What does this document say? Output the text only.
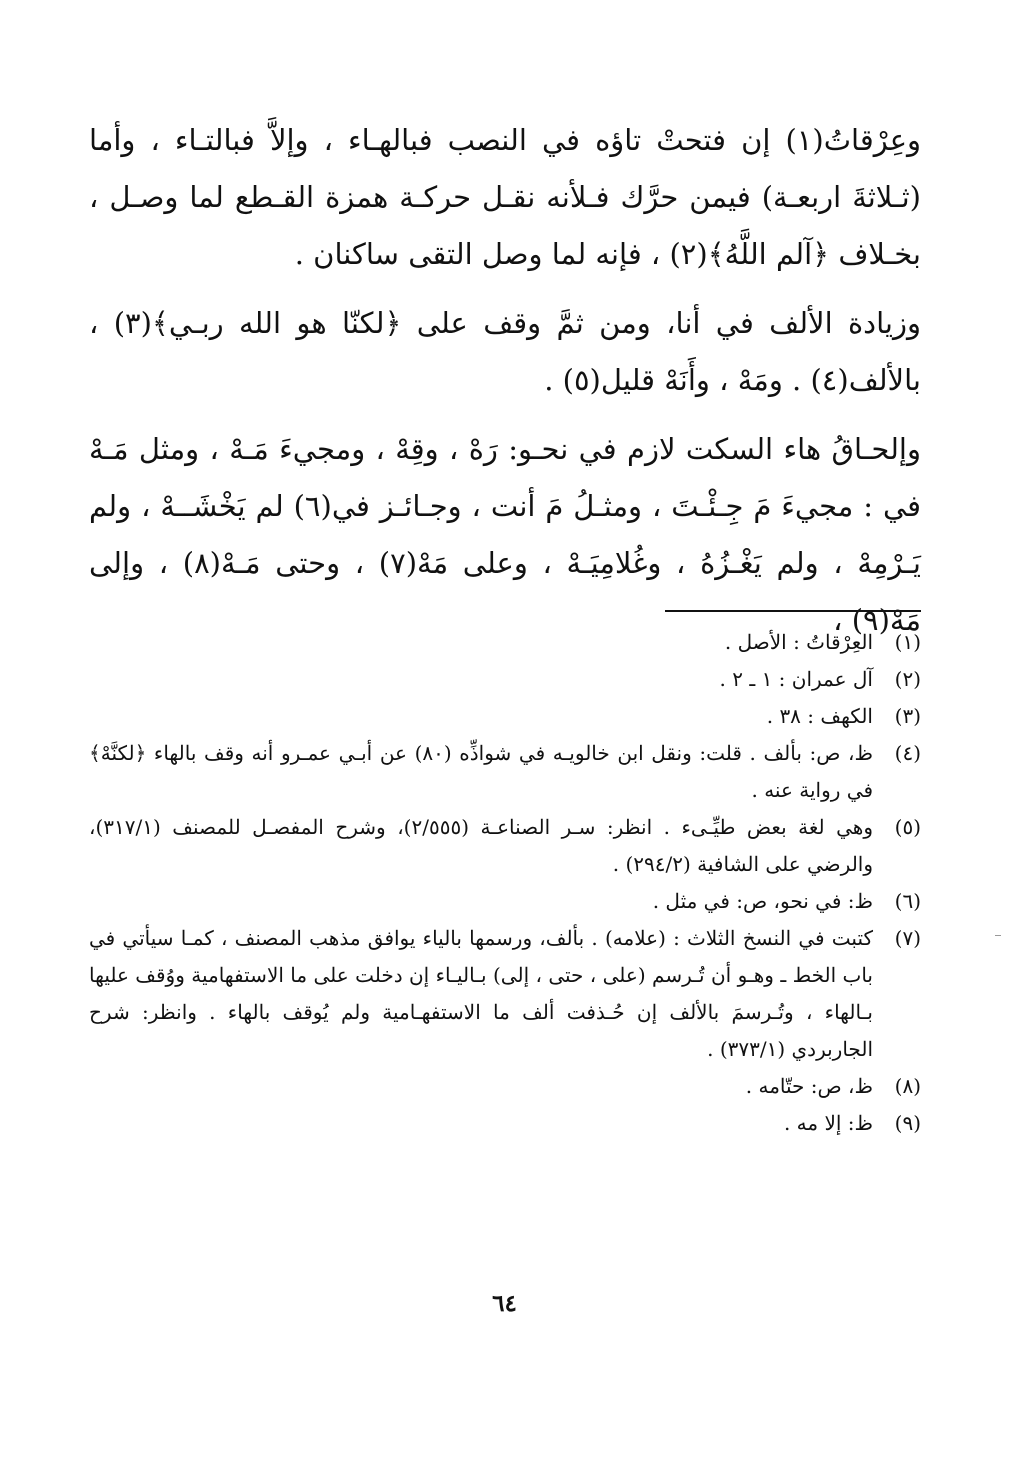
وعِرْقاتُ(١) إن فتحتْ تاؤه في النصب فبالهـاء ، وإلاَّ فبالتـاء ، وأما (ثـلاثةَ اربعـة) فيمن حرَّك فـلأنه نقـل حركـة همزة القـطع لما وصـل ، بخـلاف ﴿آلم اللَّهُ﴾(٢) ، فإنه لما وصل التقى ساكنان .

وزيادة الألف في أنا، ومن ثمَّ وقف على ﴿لكنّا هو الله ربـي﴾(٣) ، بالألف(٤) . ومَهْ ، وأَنَهْ قليل(٥) .

وإلحـاقُ هاء السكت لازم في نحـو: رَهْ ، وقِهْ ، ومجيءَ مَـهْ ، ومثل مَـهْ في : مجيءَ مَ جِـئْـتَ ، ومثـلُ مَ أنت ، وجـائـز في(٦) لم يَخْشَــهْ ، ولم يَـرْمِهْ ، ولم يَغْـزُهُ ، وغُلامِيَـهْ ، وعلى مَهْ(٧) ، وحتى مَـهْ(٨) ، وإلى مَهْ(٩) ،

(١)
العِرْقاتُ : الأصل .
(٢)
آل عمران : ١ ـ ٢ .
(٣)
الكهف : ٣٨ .
(٤)
ظ، ص: بألف . قلت: ونقل ابن خالويـه في شواذِّه (٨٠) عن أبـي عمـرو أنه وقف بالهاء ﴿لكنَّهْ﴾ في رواية عنه .
(٥)
وهي لغة بعض طيِّـىء . انظر: سـر الصناعـة (٢/٥٥٥)، وشرح المفصـل للمصنف (٣١٧/١)، والرضي على الشافية (٢٩٤/٢) .
(٦)
ظ: في نحو، ص: في مثل .
(٧)
كتبت في النسخ الثلاث : (علامه) . بألف، ورسمها بالياء يوافق مذهب المصنف ، كمـا سيأتي في باب الخط ـ وهـو أن تُـرسم (على ، حتى ، إلى) بـاليـاء إن دخلت على ما الاستفهامية ووُقف عليها بـالهاء ، وتُـرسمَ بالألف إن حُـذفت ألف ما الاستفهـامية ولم يُوقف بالهاء . وانظر: شرح الجاربردي (٣٧٣/١) .
(٨)
ظ، ص: حتّامه .
(٩)
ظ: إلا مه .
٦٤
